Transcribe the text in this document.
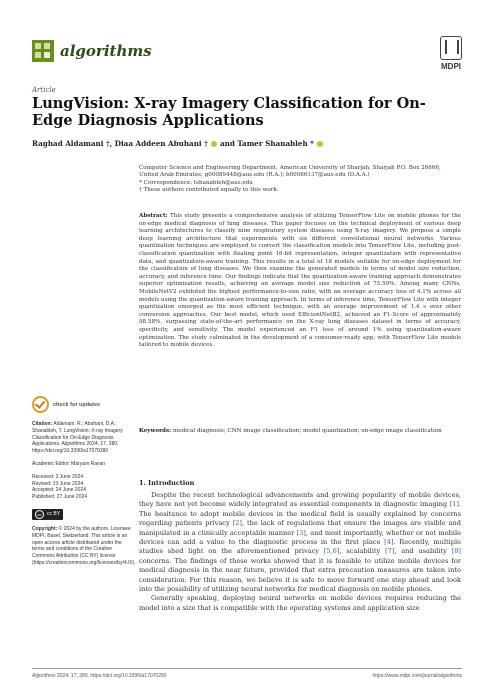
algorithms
MDPI
Article
LungVision: X-ray Imagery Classification for On-Edge Diagnosis Applications
Raghad Aldamani †, Diaa Addeen Abuhani † and Tamer Shanableh *

Computer Science and Engineering Department, American University of Sharjah, Sharjah P.O. Box 26666,

United Arab Emirates; g00089448@aus.edu (R.A.); b00086137@aus.edu (D.A.A.)

* Correspondence: tshanableh@aus.edu

† These authors contributed equally to this work.

Abstract: This study presents a comprehensive analysis of utilizing TensorFlow Lite on mobile phones for the on-edge medical diagnosis of lung diseases. This paper focuses on the technical deployment of various deep learning architectures to classify nine respiratory system diseases using X-ray imagery. We propose a simple deep learning architecture that experiments with six different convolutional neural networks. Various quantization techniques are employed to convert the classification models into TensorFlow Lite, including post-classification quantization with floating point 16-bit representation, integer quantization with representative data, and quantization-aware training. This results in a total of 18 models suitable for on-edge deployment for the classification of lung diseases. We then examine the generated models in terms of model size reduction, accuracy, and inference time. Our findings indicate that the quantization-aware training approach demonstrates superior optimization results, achieving an average model size reduction of 75.59%. Among many CNNs, MobileNetV2 exhibited the highest performance-to-size ratio, with an average accuracy loss of 4.1% across all models using the quantization-aware training approach. In terms of inference time, TensorFlow Lite with integer quantization emerged as the most efficient technique, with an average improvement of 1.4 s over other conversion approaches. Our best model, which used EfficientNetB2, achieved an F1-Score of approximately 98.58%, surpassing state-of-the-art performance on the X-ray lung diseases dataset in terms of accuracy, specificity, and sensitivity. The model experienced an F1 loss of around 1% using quantization-aware optimization. The study culminated in the development of a consumer-ready app, with TensorFlow Lite models tailored to mobile devices.

Keywords: medical diagnosis; CNN image classification; model quantization; on-edge image classification

check for updates

Citation: Aldamani, R.; Abuhani, D.A.; Shanableh, T. LungVision: X-ray Imagery Classification for On-Edge Diagnosis Applications. Algorithms 2024, 17, 280. https://doi.org/10.3390/a17070280

Academic Editor: Maryam Ravan

Received: 3 June 2024

Revised: 23 June 2024

Accepted: 24 June 2024

Published: 27 June 2024

cc	cc BY

Copyright: © 2024 by the authors. Licensee MDPI, Basel, Switzerland. This article is an open access article distributed under the terms and conditions of the Creative Commons Attribution (CC BY) license (https://creativecommons.org/licenses/by/4.0/).

1. Introduction

Despite the recent technological advancements and growing popularity of mobile devices, they have not yet become widely integrated as essential components in diagnostic imaging [1]. The hesitance to adopt mobile devices in the medical field is usually explained by concerns regarding patients privacy [2], the lack of regulations that ensure the images are visible and manipulated in a clinically acceptable manner [3], and most importantly, whether or not mobile devices can add a value to the diagnostic process in the first place [4]. Recently, multiple studies shed light on the aforementioned privacy [5,6], scalability [7], and usability [8] concerns. The findings of these works showed that it is feasible to utilize mobile devices for medical diagnosis in the near future, provided that extra precaution measures are taken into consideration. For this reason, we believe it is safe to move forward one step ahead and look into the possibility of utilizing neural networks for medical diagnosis on mobile phones.

Generally speaking, deploying neural networks on mobile devices requires reducing the model into a size that is compatible with the operating systems and application size

Algorithms 2024, 17, 280. https://doi.org/10.3390/a17070280	https://www.mdpi.com/journal/algorithms
